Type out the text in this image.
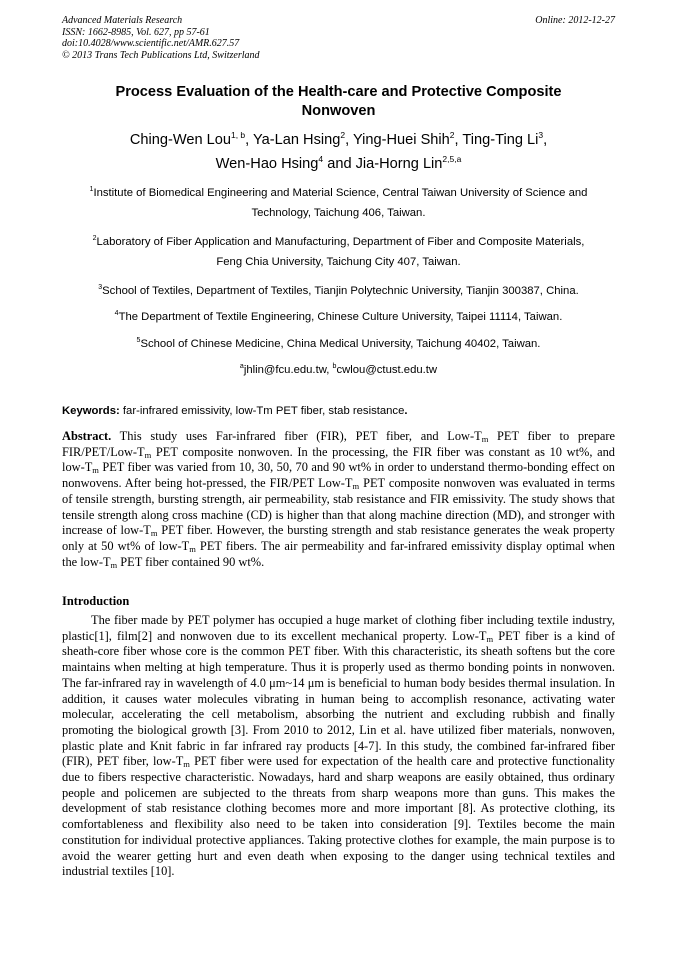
Advanced Materials Research
ISSN: 1662-8985, Vol. 627, pp 57-61
doi:10.4028/www.scientific.net/AMR.627.57
© 2013 Trans Tech Publications Ltd, Switzerland
Online: 2012-12-27
Process Evaluation of the Health-care and Protective Composite
Nonwoven
Ching-Wen Lou$^{1, b}$, Ya-Lan Hsing$^2$, Ying-Huei Shih$^2$, Ting-Ting Li$^3$,
Wen-Hao Hsing$^4$ and Jia-Horng Lin$^{2,5,a}$
$^1$Institute of Biomedical Engineering and Material Science, Central Taiwan University of Science and
Technology, Taichung 406, Taiwan.
$^2$Laboratory of Fiber Application and Manufacturing, Department of Fiber and Composite Materials,
Feng Chia University, Taichung City 407, Taiwan.
$^3$School of Textiles, Department of Textiles, Tianjin Polytechnic University, Tianjin 300387, China.
$^4$The Department of Textile Engineering, Chinese Culture University, Taipei 11114, Taiwan.
$^5$School of Chinese Medicine, China Medical University, Taichung 40402, Taiwan.
$^a$jhlin@fcu.edu.tw, $^b$cwlou@ctust.edu.tw
Keywords: far-infrared emissivity, low-Tm PET fiber, stab resistance.
Abstract. This study uses Far-infrared fiber (FIR), PET fiber, and Low-$T_m$ PET fiber to prepare FIR/$PET/Low-T_m$ PET composite nonwoven. In the processing, the FIR fiber was constant as 10 wt%, and low-$T_m$ PET fiber was varied from 10, 30, 50, 70 and 90 wt% in order to understand thermo-bonding effect on nonwovens. After being hot-pressed, the FIR/PET Low-$T_m$ PET composite nonwoven was evaluated in terms of tensile strength, bursting strength, air permeability, stab resistance and FIR emissivity. The study shows that tensile strength along cross machine (CD) is higher than that along machine direction (MD), and stronger with increase of low-$T_m$ PET fiber. However, the bursting strength and stab resistance generates the weak property only at 50 wt% of low-$T_m$ PET fibers. The air permeability and far-infrared emissivity display optimal when the low-$T_m$ PET fiber contained 90 wt%.
Introduction
The fiber made by PET polymer has occupied a huge market of clothing fiber including textile industry, plastic[1], film[2] and nonwoven due to its excellent mechanical property. Low-$T_m$ PET fiber is a kind of sheath-core fiber whose core is the common PET fiber. With this characteristic, its sheath softens but the core maintains when melting at high temperature. Thus it is properly used as thermo bonding points in nonwoven. The far-infrared ray in wavelength of 4.0 μm~14 μm is beneficial to human body besides thermal insulation. In addition, it causes water molecules vibrating in human being to accomplish resonance, activating water molecular, accelerating the cell metabolism, absorbing the nutrient and excluding rubbish and finally promoting the biological growth [3]. From 2010 to 2012, Lin et al. have utilized fiber materials, nonwoven, plastic plate and Knit fabric in far infrared ray products [4-7]. In this study, the combined far-infrared fiber (FIR), PET fiber, low-$T_m$ PET fiber were used for expectation of the health care and protective functionality due to fibers respective characteristic. Nowadays, hard and sharp weapons are easily obtained, thus ordinary people and policemen are subjected to the threats from sharp weapons more than guns. This makes the development of stab resistance clothing becomes more and more important [8]. As protective clothing, its comfortableness and flexibility also need to be taken into consideration [9]. Textiles become the main constitution for individual protective appliances. Taking protective clothes for example, the main purpose is to avoid the wearer getting hurt and even death when exposing to the danger using technical textiles and industrial textiles [10].
